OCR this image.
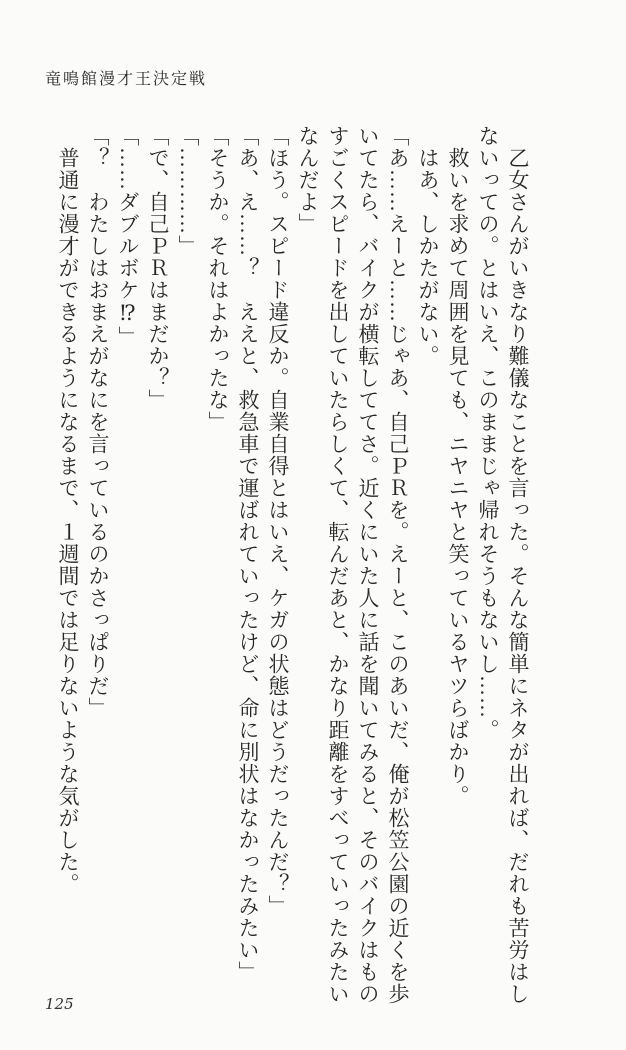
竜鳴館漫才王決定戦

　乙女さんがいきなり難儀なことを言った。そんな簡単にネタが出れば、だれも苦労はし

ないっての。とはいえ、このままじゃ帰れそうもないし……。

　救いを求めて周囲を見ても、ニヤニヤと笑っているヤツらばかり。

　はあ、しかたがない。

「あ……えーと……じゃあ、自己ＰＲを。えーと、このあいだ、俺が松笠公園の近くを歩

いてたら、バイクが横転しててさ。近くにいた人に話を聞いてみると、そのバイクはもの

すごくスピードを出していたらしくて、転んだあと、かなり距離をすべっていったみたい

なんだよ」

「ほう。スピード違反か。自業自得とはいえ、ケガの状態はどうだったんだ？」

「あ、え……？　ええと、救急車で運ばれていったけど、命に別状はなかったみたい」

「そうか。それはよかったな」

「…………」

「で、自己ＰＲはまだか？」

「……ダブルボケ⁉」

「？　わたしはおまえがなにを言っているのかさっぱりだ」

　普通に漫才ができるようになるまで、１週間では足りないような気がした。

125
